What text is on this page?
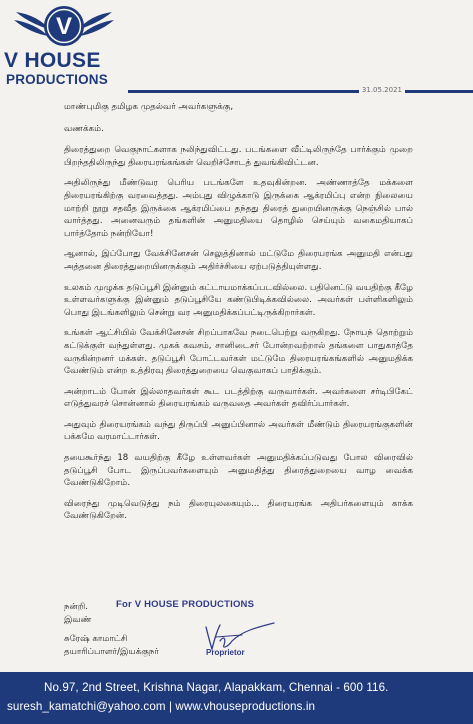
V
V HOUSE
PRODUCTIONS
31.05.2021

மாண்புமிகு தமிழக முதல்வர் அவர்களுக்கு,

வணக்கம்.

திரைத்துறை வெகுநாட்களாக நலிந்துவிட்டது. படங்களை வீட்டிலிருந்தே பார்க்கும் முறை பிறந்ததிலிருந்து திரையரங்கங்கள் வெறிச்சோடத் துவங்கிவிட்டன.

அதிலிருந்து மீண்டுவர பெரிய படங்களே உதவுகின்றன. அண்ணாத்தே மக்களை திரையரங்கிற்கு வரவைத்தது. அம்புது விழுக்காடு இருக்கை ஆக்ரமிப்பு என்ற நிலையை மாற்றி நூறு சதவீத இருக்கை ஆக்ரமிப்பை தந்தது திரைத் துறையினருக்கு நெஞ்சில் பால் வார்த்தது. அனைவரும் தங்களின் அனுமதியை தொழில் செய்யும் வகைமதியாகப் பார்த்தோம் நன்றியோ!

ஆனால், இப்போது வேக்சினேசன் செலுத்தினால் மட்டுமே திரையரங்க அனுமதி என்பது அத்தனை திரைத்துறையினருக்கும் அதிர்ச்சியை ஏற்படுத்தியுள்ளது.

உலகம் முழுக்க தடுப்பூசி இன்னும் கட்டாயமாக்கப்படவில்லை. பதினெட்டு வயதிற்கு கீழே உள்ளவர்களுக்கு இன்னும் தடுப்பூசியே கண்டுபிடிக்கவில்லை. அவர்கள் பள்ளிகளிலும் பொது இடங்களிலும் சென்று வர அனுமதிக்கப்பட்டிருக்கிறார்கள்.

உங்கள் ஆட்சியில் வேக்சினேசன் சிறப்பாகவே நடைபெற்று வருகிறது. நோயந் தொற்றும் கட்டுக்குள் வந்துள்ளது. முகக் கவசம், சானிடைசர் போன்றவற்றால் தங்களை பாதுகாத்தே வருகின்றனர் மக்கள். தடுப்பூசி போட்டவர்கள் மட்டுமே திரையரங்கங்களில் அனுமதிக்க வேண்டும் என்ற உத்திரவு திரைத்துறையை வெகுவாகப் பாதிக்கும்.

அன்றாடம் போன் இல்லாதவர்கள் கூட படத்திற்கு வருவார்கள். அவர்களை சர்டிபிகேட் எடுத்துவரச் சொன்னால் திரையரங்கம் வருவதை அவர்கள் தவிர்ப்பார்கள்.

அதுவும் திரையரங்கம் வந்து திருப்பி அனுப்பினால் அவர்கள் மீண்டும் திரையரங்குகளின் பக்கமே வரமாட்டார்கள்.

தயைகூர்ந்து 18 வயதிற்கு கீழே உள்ளவர்கள் அனுமதிக்கப்படுவது போல விரைவில் தடுப்பூசி போட இருப்பவர்களையும் அனுமதித்து திரைத்துறையை வாழ வைக்க வேண்டுகிறோம்.

விரைந்து முடிவெடுத்து நம் திரையுலகையும்... திரையரங்க அதிபர்களையும் காக்க வேண்டுகிறேன்.

நன்றி.	For V HOUSE PRODUCTIONS
இவண்
சுரேஷ் காமாட்சி
தயாரிப்பாளர்/இயக்குநர்	Proprietor
No.97, 2nd Street, Krishna Nagar, Alapakkam, Chennai - 600 116.
suresh_kamatchi@yahoo.com | www.vhouseproductions.in
